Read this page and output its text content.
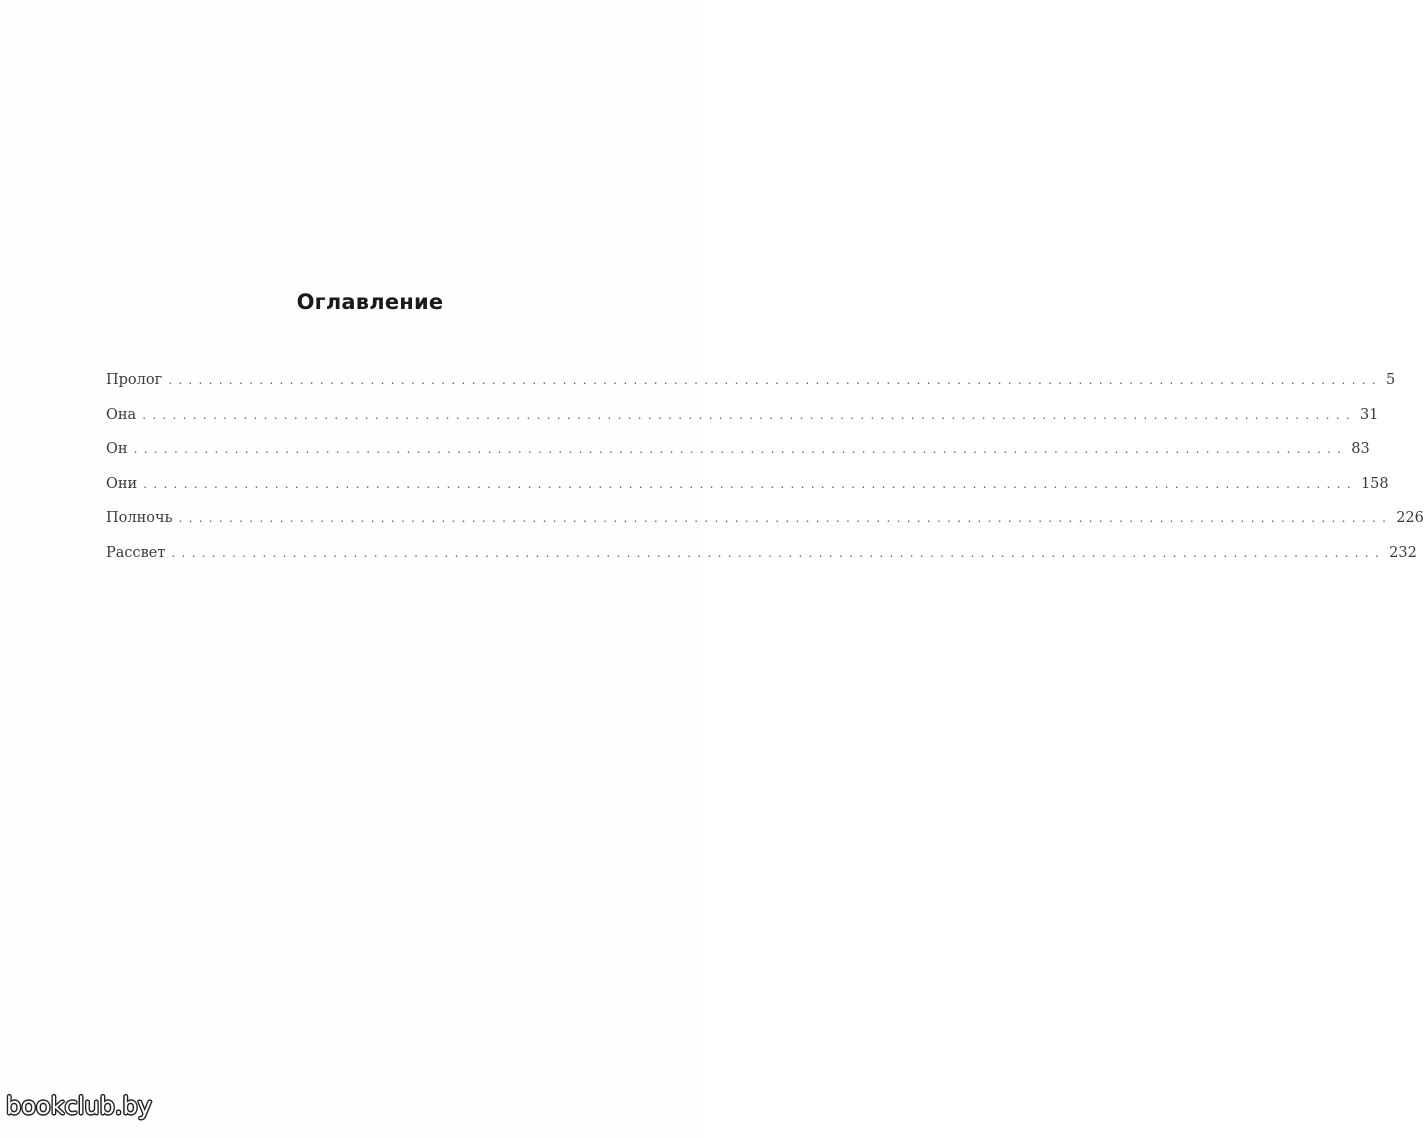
Оглавление
Пролог ........................................................................................................................ 5
Она ........................................................................................................................ 31
Он ........................................................................................................................ 83
Они ........................................................................................................................ 158
Полночь ........................................................................................................................ 226
Рассвет ........................................................................................................................ 232
bookclub.by
